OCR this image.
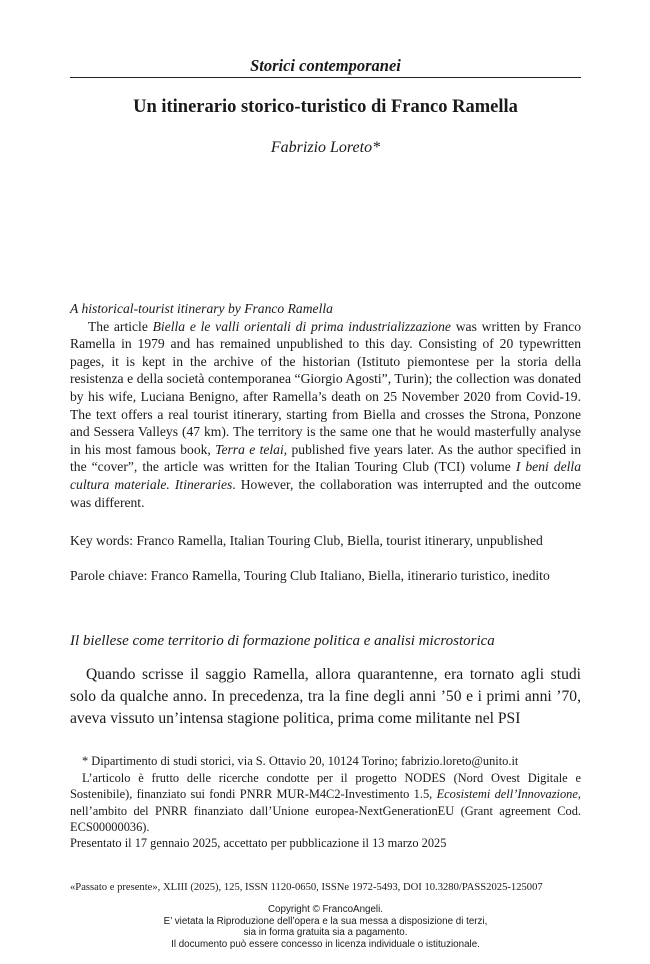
Storici contemporanei
Un itinerario storico-turistico di Franco Ramella
Fabrizio Loreto*
A historical-tourist itinerary by Franco Ramella

The article Biella e le valli orientali di prima industrializzazione was written by Franco Ramella in 1979 and has remained unpublished to this day. Consisting of 20 typewritten pages, it is kept in the archive of the historian (Istituto piemontese per la storia della resistenza e della società contemporanea “Giorgio Agosti”, Turin); the collection was donated by his wife, Luciana Benigno, after Ramella’s death on 25 November 2020 from Covid-19. The text offers a real tourist itinerary, starting from Biella and crosses the Strona, Ponzone and Sessera Valleys (47 km). The territory is the same one that he would masterfully analyse in his most famous book, Terra e telai, published five years later. As the author specified in the “cover”, the article was written for the Italian Touring Club (TCI) volume I beni della cultura materiale. Itineraries. However, the collaboration was interrupted and the outcome was different.

Key words: Franco Ramella, Italian Touring Club, Biella, tourist itinerary, unpublished
Parole chiave: Franco Ramella, Touring Club Italiano, Biella, itinerario turistico, inedito
Il biellese come territorio di formazione politica e analisi microstorica

Quando scrisse il saggio Ramella, allora quarantenne, era tornato agli studi solo da qualche anno. In precedenza, tra la fine degli anni ’50 e i primi anni ’70, aveva vissuto un’intensa stagione politica, prima come militante nel PSI

* Dipartimento di studi storici, via S. Ottavio 20, 10124 Torino; fabrizio.loreto@unito.it
L’articolo è frutto delle ricerche condotte per il progetto NODES (Nord Ovest Digitale e Sostenibile), finanziato sui fondi PNRR MUR-M4C2-Investimento 1.5, Ecosistemi dell’Innovazione, nell’ambito del PNRR finanziato dall’Unione europea-NextGenerationEU (Grant agreement Cod. ECS00000036).
Presentato il 17 gennaio 2025, accettato per pubblicazione il 13 marzo 2025
«Passato e presente», XLIII (2025), 125, ISSN 1120-0650, ISSNe 1972-5493, DOI 10.3280/PASS2025-125007
Copyright © FrancoAngeli.
E’ vietata la Riproduzione dell’opera e la sua messa a disposizione di terzi,
sia in forma gratuita sia a pagamento.
Il documento può essere concesso in licenza individuale o istituzionale.
